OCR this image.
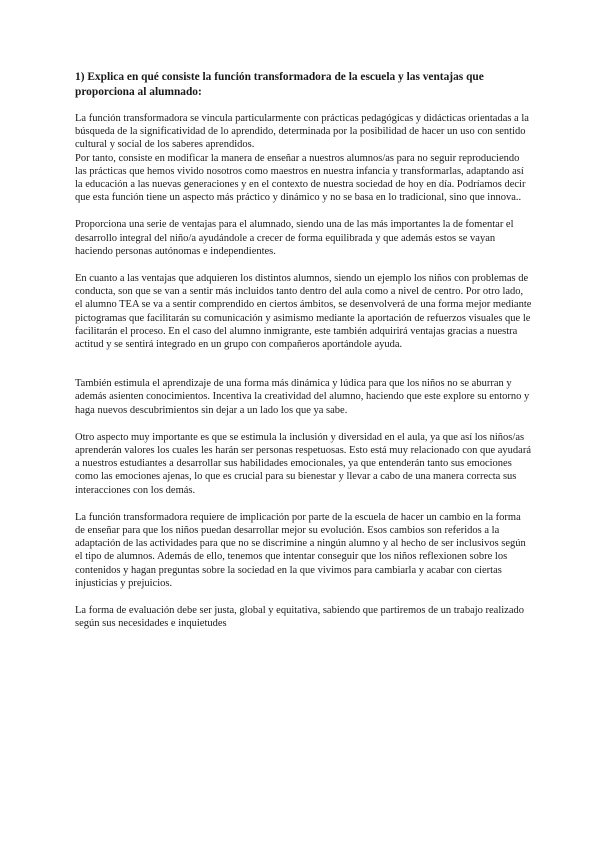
1) Explica en qué consiste la función transformadora de la escuela y las ventajas que proporciona al alumnado:

La función transformadora se vincula particularmente con prácticas pedagógicas y didácticas orientadas a la búsqueda de la significatividad de lo aprendido, determinada por la posibilidad de hacer un uso con sentido cultural y social de los saberes aprendidos.

Por tanto, consiste en modificar la manera de enseñar a nuestros alumnos/as para no seguir reproduciendo las prácticas que hemos vivido nosotros como maestros en nuestra infancia y transformarlas, adaptando así la educación a las nuevas generaciones y en el contexto de nuestra sociedad de hoy en día. Podríamos decir que esta función tiene un aspecto más práctico y dinámico y no se basa en lo tradicional, sino que innova..

Proporciona una serie de ventajas para el alumnado, siendo una de las más importantes la de fomentar el desarrollo integral del niño/a ayudándole a crecer de forma equilibrada y que además estos se vayan haciendo personas autónomas e independientes.

En cuanto a las ventajas que adquieren los distintos alumnos, siendo un ejemplo los niños con problemas de conducta, son que se van a sentir más incluidos tanto dentro del aula como a nivel de centro. Por otro lado, el alumno TEA se va a sentir comprendido en ciertos ámbitos, se desenvolverá de una forma mejor mediante pictogramas que facilitarán su comunicación y asimismo mediante la aportación de refuerzos visuales que le facilitarán el proceso. En el caso del alumno inmigrante, este también adquirirá ventajas gracias a nuestra actitud y se sentirá integrado en un grupo con compañeros aportándole ayuda.

También estimula el aprendizaje de una forma más dinámica y lúdica para que los niños no se aburran y además asienten conocimientos. Incentiva la creatividad del alumno, haciendo que este explore su entorno y haga nuevos descubrimientos sin dejar a un lado los que ya sabe.

Otro aspecto muy importante es que se estimula la inclusión y diversidad en el aula, ya que así los niños/as aprenderán valores los cuales les harán ser personas respetuosas. Esto está muy relacionado con que ayudará a nuestros estudiantes a desarrollar sus habilidades emocionales, ya que entenderán tanto sus emociones como las emociones ajenas, lo que es crucial para su bienestar y llevar a cabo de una manera correcta sus interacciones con los demás.

La función transformadora requiere de implicación por parte de la escuela de hacer un cambio en la forma de enseñar para que los niños puedan desarrollar mejor su evolución. Esos cambios son referidos a la adaptación de las actividades para que no se discrimine a ningún alumno y al hecho de ser inclusivos según el tipo de alumnos. Además de ello, tenemos que intentar conseguir que los niños reflexionen sobre los contenidos y hagan preguntas sobre la sociedad en la que vivimos para cambiarla y acabar con ciertas injusticias y prejuicios.

La forma de evaluación debe ser justa, global y equitativa, sabiendo que partiremos de un trabajo realizado según sus necesidades e inquietudes
